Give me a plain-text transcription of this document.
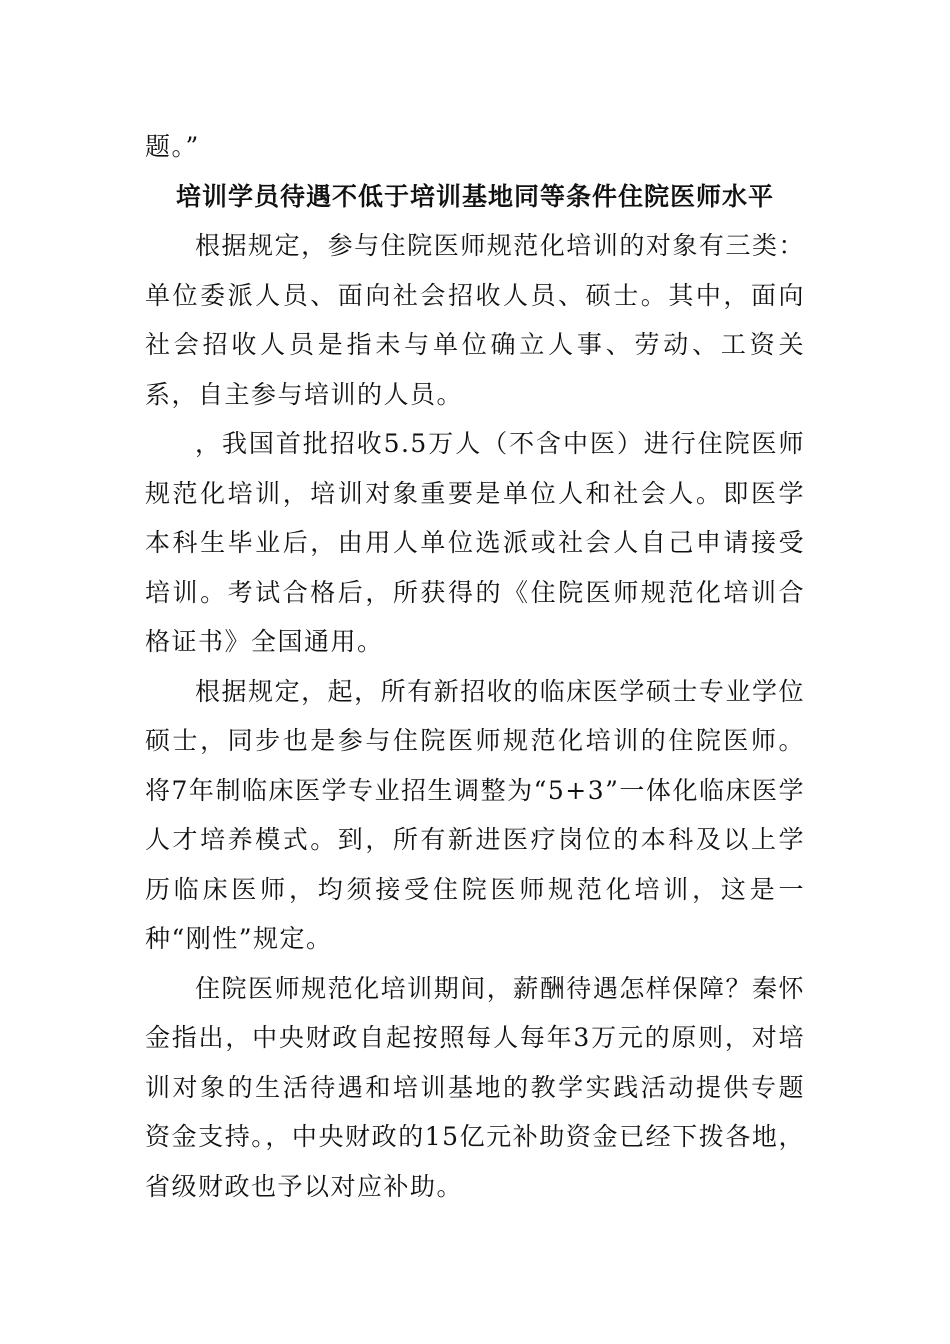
题。”

培训学员待遇不低于培训基地同等条件住院医师水平

根据规定，参与住院医师规范化培训的对象有三类：单位委派人员、面向社会招收人员、硕士。其中，面向社会招收人员是指未与单位确立人事、劳动、工资关系，自主参与培训的人员。

，我国首批招收5.5万人（不含中医）进行住院医师规范化培训，培训对象重要是单位人和社会人。即医学本科生毕业后，由用人单位选派或社会人自己申请接受培训。考试合格后，所获得的《住院医师规范化培训合格证书》全国通用。

根据规定，起，所有新招收的临床医学硕士专业学位硕士，同步也是参与住院医师规范化培训的住院医师。将7年制临床医学专业招生调整为“5+3”一体化临床医学人才培养模式。到，所有新进医疗岗位的本科及以上学历临床医师，均须接受住院医师规范化培训，这是一种“刚性”规定。

住院医师规范化培训期间，薪酬待遇怎样保障？秦怀金指出，中央财政自起按照每人每年3万元的原则，对培训对象的生活待遇和培训基地的教学实践活动提供专题资金支持。，中央财政的15亿元补助资金已经下拨各地，省级财政也予以对应补助。
